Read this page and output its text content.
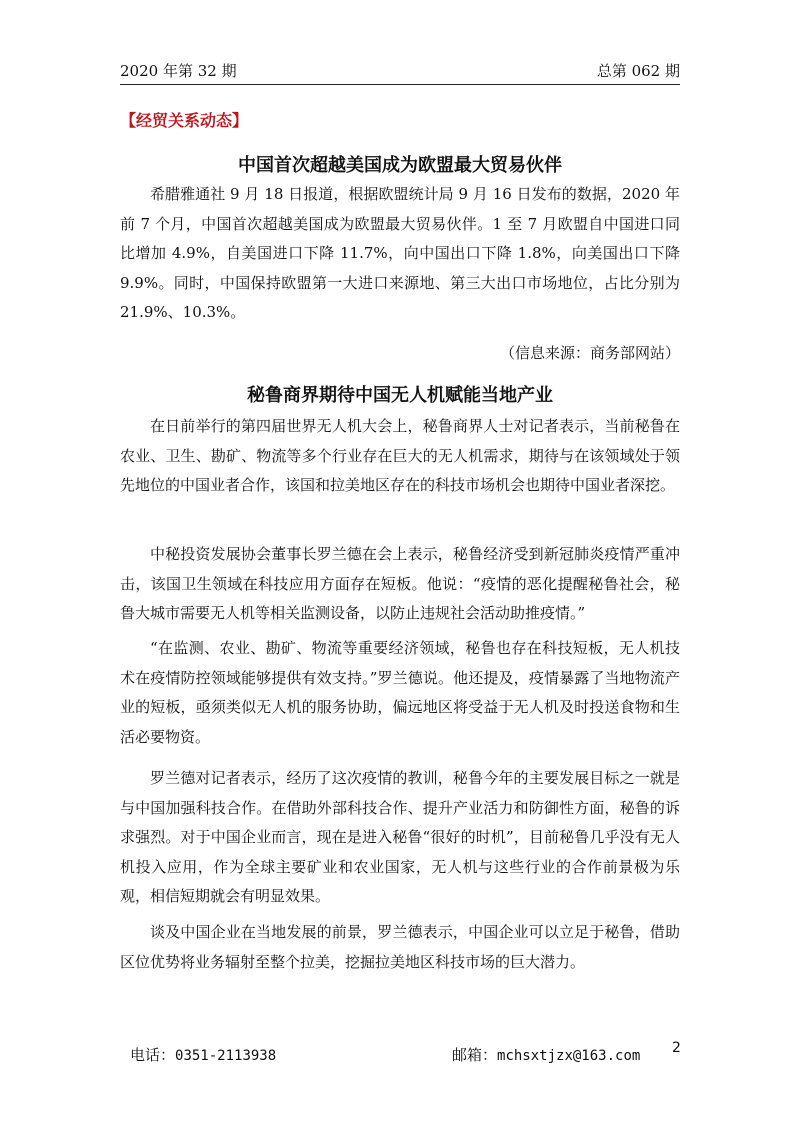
2020 年第 32 期	总第 062 期
【经贸关系动态】
中国首次超越美国成为欧盟最大贸易伙伴

希腊雅通社 9 月 18 日报道，根据欧盟统计局 9 月 16 日发布的数据，2020 年前 7 个月，中国首次超越美国成为欧盟最大贸易伙伴。1 至 7 月欧盟自中国进口同比增加 4.9%，自美国进口下降 11.7%，向中国出口下降 1.8%，向美国出口下降 9.9%。同时，中国保持欧盟第一大进口来源地、第三大出口市场地位，占比分别为 21.9%、10.3%。

（信息来源：商务部网站）
秘鲁商界期待中国无人机赋能当地产业

在日前举行的第四届世界无人机大会上，秘鲁商界人士对记者表示，当前秘鲁在农业、卫生、勘矿、物流等多个行业存在巨大的无人机需求，期待与在该领域处于领先地位的中国业者合作，该国和拉美地区存在的科技市场机会也期待中国业者深挖。

中秘投资发展协会董事长罗兰德在会上表示，秘鲁经济受到新冠肺炎疫情严重冲击，该国卫生领域在科技应用方面存在短板。他说：“疫情的恶化提醒秘鲁社会，秘鲁大城市需要无人机等相关监测设备，以防止违规社会活动助推疫情。”

“在监测、农业、勘矿、物流等重要经济领域，秘鲁也存在科技短板，无人机技术在疫情防控领域能够提供有效支持。”罗兰德说。他还提及，疫情暴露了当地物流产业的短板，亟须类似无人机的服务协助，偏远地区将受益于无人机及时投送食物和生活必要物资。

罗兰德对记者表示，经历了这次疫情的教训，秘鲁今年的主要发展目标之一就是与中国加强科技合作。在借助外部科技合作、提升产业活力和防御性方面，秘鲁的诉求强烈。对于中国企业而言，现在是进入秘鲁“很好的时机”，目前秘鲁几乎没有无人机投入应用，作为全球主要矿业和农业国家，无人机与这些行业的合作前景极为乐观，相信短期就会有明显效果。

谈及中国企业在当地发展的前景，罗兰德表示，中国企业可以立足于秘鲁，借助区位优势将业务辐射至整个拉美，挖掘拉美地区科技市场的巨大潜力。

电话：0351-2113938	邮箱：mchsxtjzx@163.com 2
